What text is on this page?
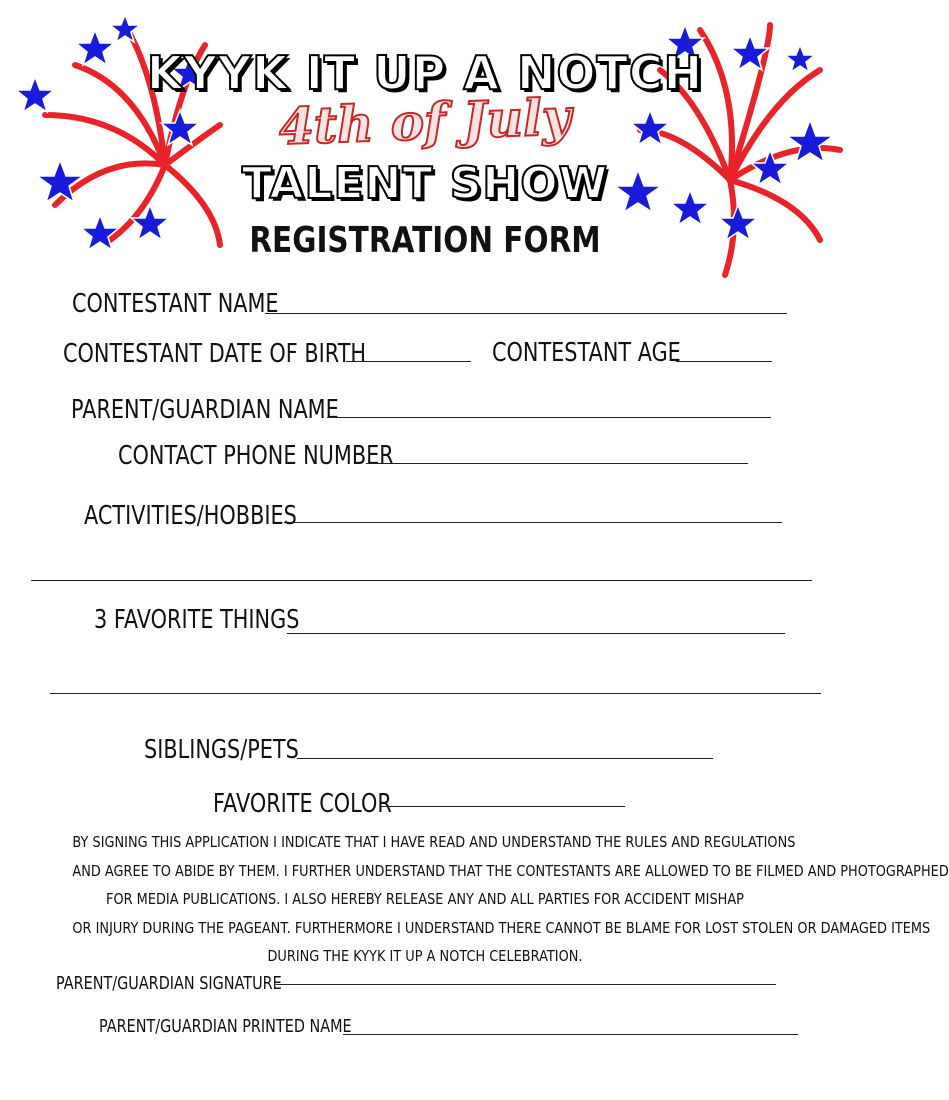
KYYK IT UP A NOTCH
4th of July
TALENT SHOW
REGISTRATION FORM
CONTESTANT NAME
CONTESTANT DATE OF BIRTH	CONTESTANT AGE
PARENT/GUARDIAN NAME
CONTACT PHONE NUMBER
ACTIVITIES/HOBBIES
3 FAVORITE THINGS
SIBLINGS/PETS
FAVORITE COLOR

BY SIGNING THIS APPLICATION I INDICATE THAT I HAVE READ AND UNDERSTAND THE RULES AND REGULATIONS

AND AGREE TO ABIDE BY THEM. I FURTHER UNDERSTAND THAT THE CONTESTANTS ARE ALLOWED TO BE FILMED AND PHOTOGRAPHED

FOR MEDIA PUBLICATIONS. I ALSO HEREBY RELEASE ANY AND ALL PARTIES FOR ACCIDENT MISHAP

OR INJURY DURING THE PAGEANT. FURTHERMORE I UNDERSTAND THERE CANNOT BE BLAME FOR LOST STOLEN OR DAMAGED ITEMS

DURING THE KYYK IT UP A NOTCH CELEBRATION.

PARENT/GUARDIAN SIGNATURE
PARENT/GUARDIAN PRINTED NAME
